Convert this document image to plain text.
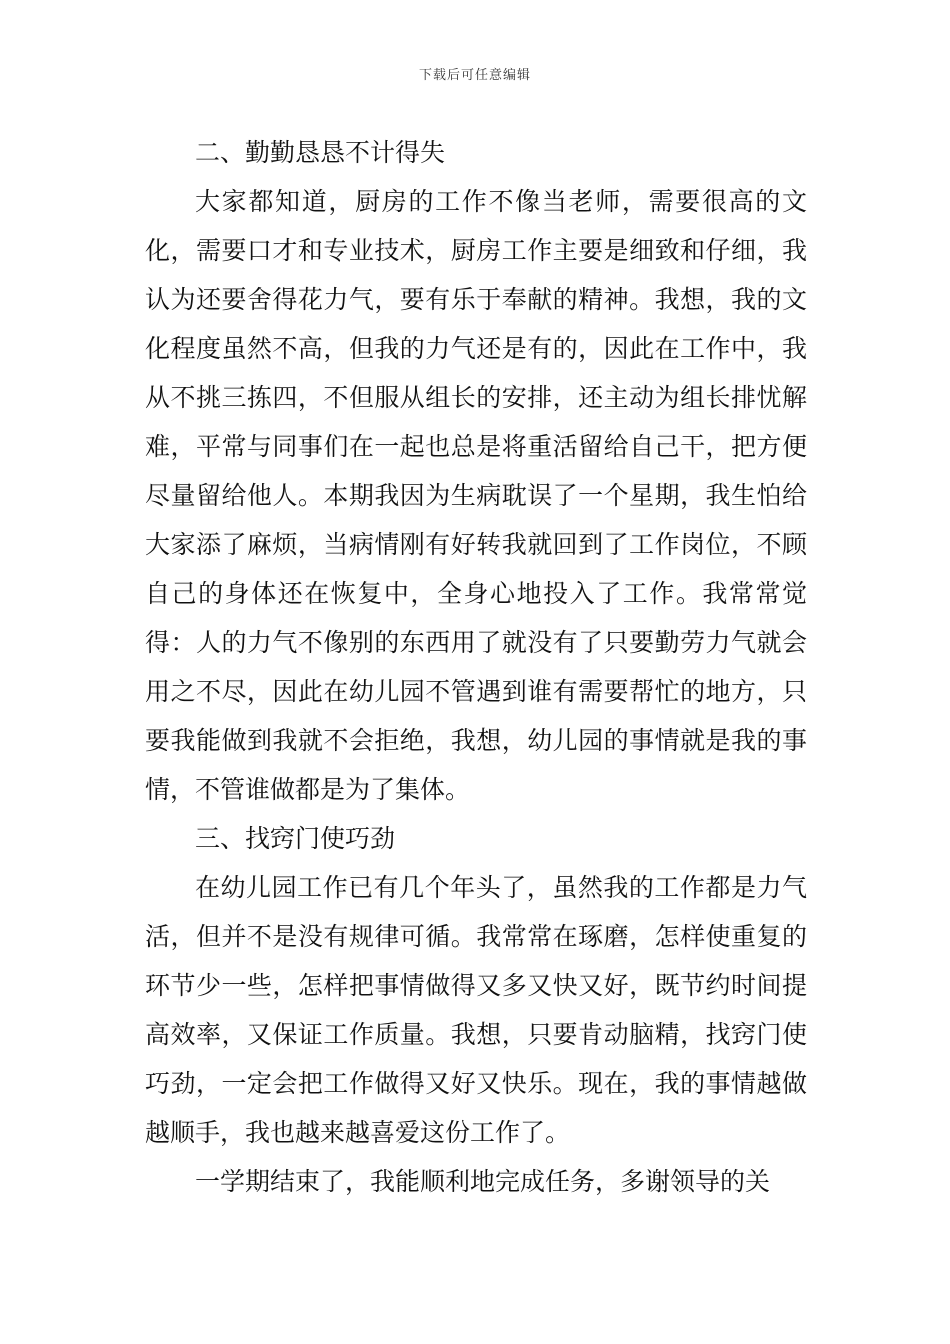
下载后可任意编辑

二、勤勤恳恳不计得失

大家都知道，厨房的工作不像当老师，需要很高的文化，需要口才和专业技术，厨房工作主要是细致和仔细，我认为还要舍得花力气，要有乐于奉献的精神。我想，我的文化程度虽然不高，但我的力气还是有的，因此在工作中，我从不挑三拣四，不但服从组长的安排，还主动为组长排忧解难，平常与同事们在一起也总是将重活留给自己干，把方便尽量留给他人。本期我因为生病耽误了一个星期，我生怕给大家添了麻烦，当病情刚有好转我就回到了工作岗位，不顾自己的身体还在恢复中，全身心地投入了工作。我常常觉得：人的力气不像别的东西用了就没有了只要勤劳力气就会用之不尽，因此在幼儿园不管遇到谁有需要帮忙的地方，只要我能做到我就不会拒绝，我想，幼儿园的事情就是我的事情，不管谁做都是为了集体。

三、找窍门使巧劲

在幼儿园工作已有几个年头了，虽然我的工作都是力气活，但并不是没有规律可循。我常常在琢磨，怎样使重复的环节少一些，怎样把事情做得又多又快又好，既节约时间提高效率，又保证工作质量。我想，只要肯动脑精，找窍门使巧劲，一定会把工作做得又好又快乐。现在，我的事情越做越顺手，我也越来越喜爱这份工作了。

一学期结束了，我能顺利地完成任务，多谢领导的关
